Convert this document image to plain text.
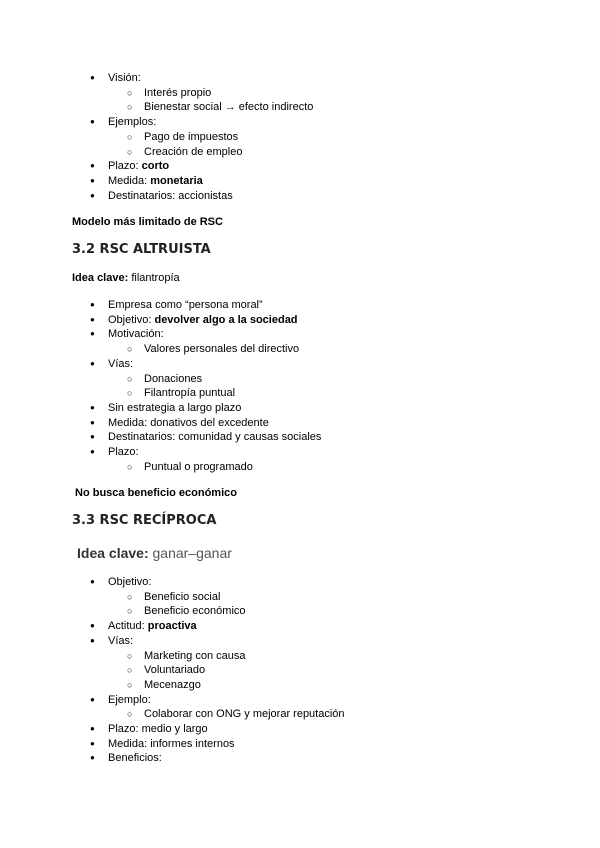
● Visión:
○ Interés propio
○ Bienestar social → efecto indirecto
● Ejemplos:
○ Pago de impuestos
○ Creación de empleo
● Plazo: corto
● Medida: monetaria
● Destinatarios: accionistas
Modelo más limitado de RSC
3.2 RSC ALTRUISTA
Idea clave: filantropía
● Empresa como “persona moral”
● Objetivo: devolver algo a la sociedad
● Motivación:
○ Valores personales del directivo
● Vías:
○ Donaciones
○ Filantropía puntual
● Sin estrategia a largo plazo
● Medida: donativos del excedente
● Destinatarios: comunidad y causas sociales
● Plazo:
○ Puntual o programado
No busca beneficio económico
3.3 RSC RECÍPROCA
Idea clave: ganar–ganar
● Objetivo:
○ Beneficio social
○ Beneficio económico
● Actitud: proactiva
● Vías:
○ Marketing con causa
○ Voluntariado
○ Mecenazgo
● Ejemplo:
○ Colaborar con ONG y mejorar reputación
● Plazo: medio y largo
● Medida: informes internos
● Beneficios:
